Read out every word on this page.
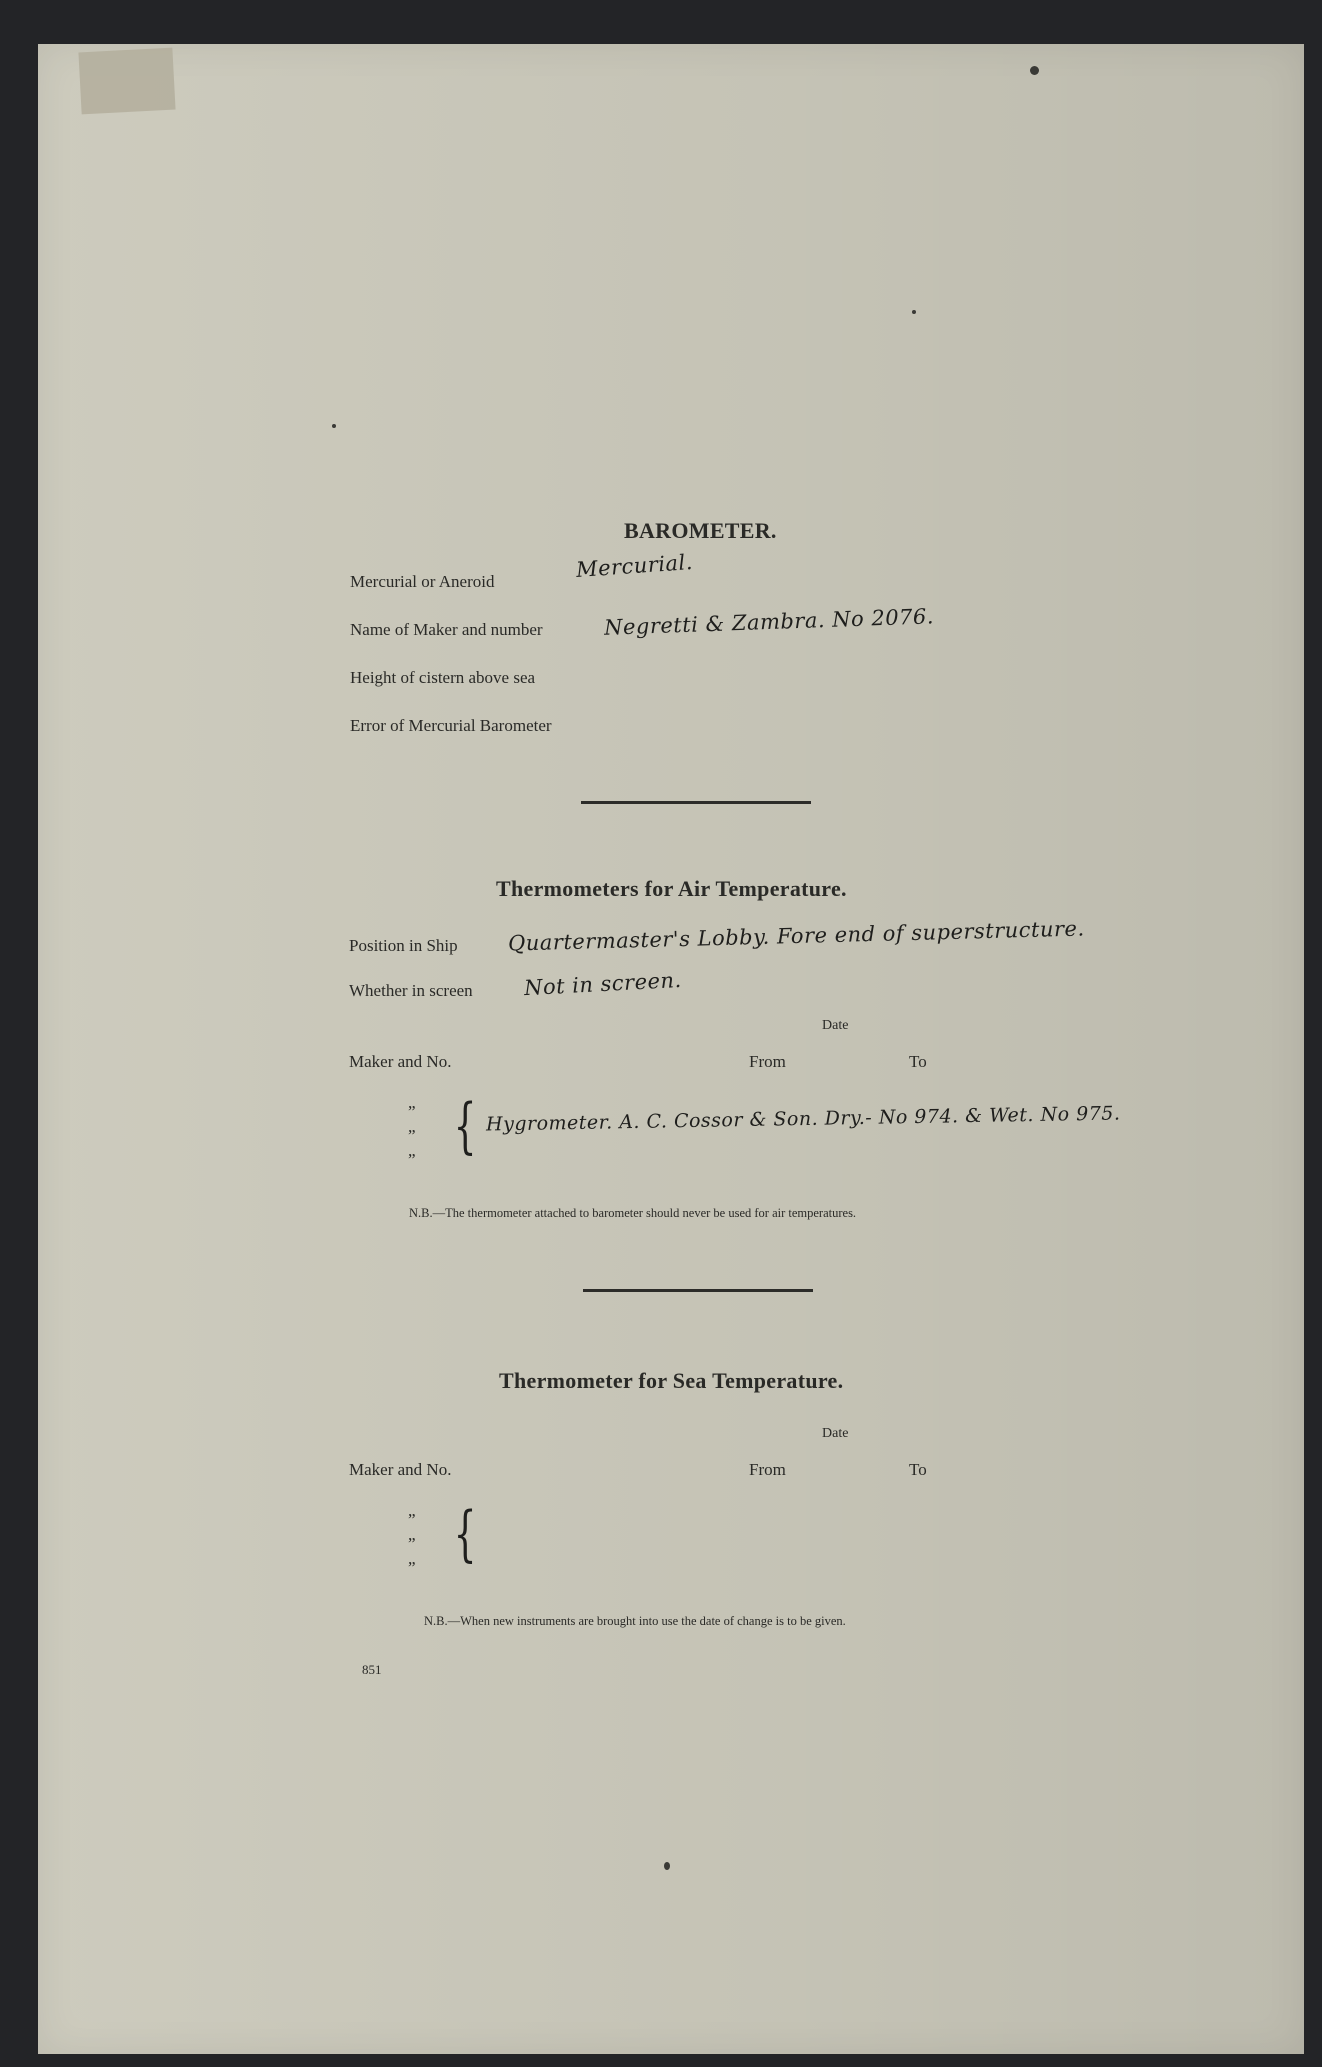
BAROMETER.
Mercurial or Aneroid	Mercurial.
Name of Maker and number	Negretti & Zambra. No 2076.
Height of cistern above sea
Error of Mercurial Barometer
Thermometers for Air Temperature.
Position in Ship Quartermaster's Lobby. Fore end of superstructure.
Whether in screen Not in screen.
Date
Maker and No.	From	To
”
”
” { Hygrometer. A. C. Cossor & Son. Dry.- No 974. & Wet. No 975.
N.B.—The thermometer attached to barometer should never be used for air temperatures.
Thermometer for Sea Temperature.
Date
Maker and No.	From	To
”
”
” {
N.B.—When new instruments are brought into use the date of change is to be given.
851
